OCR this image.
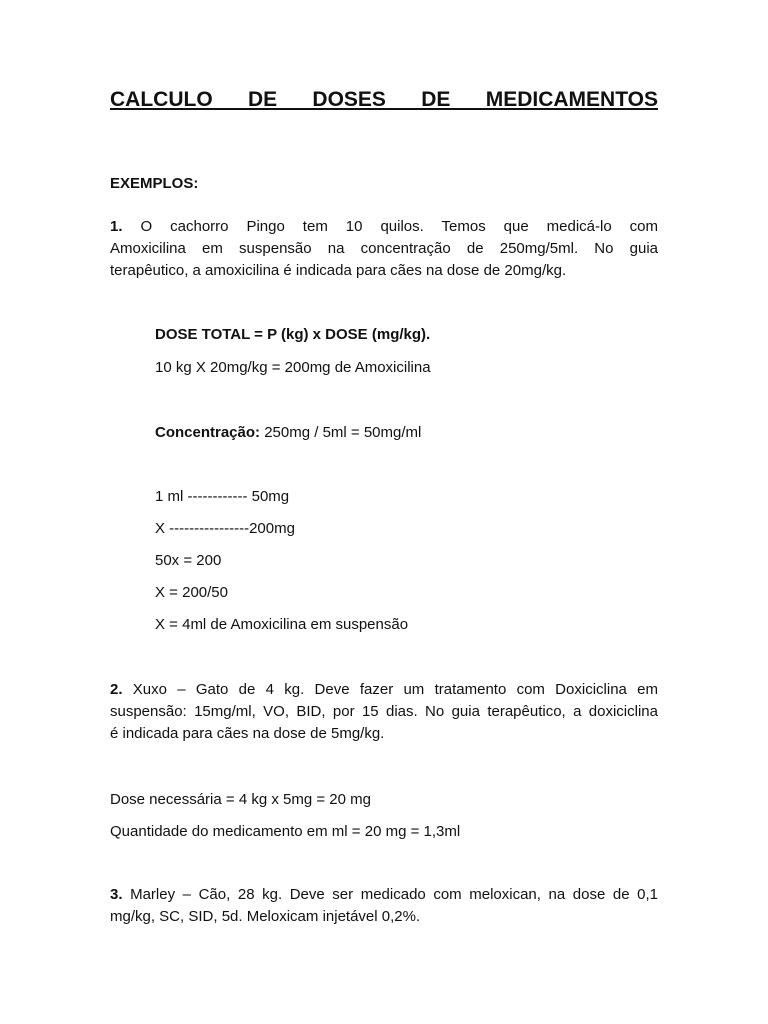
CALCULO DE DOSES DE MEDICAMENTOS
EXEMPLOS:
1. O cachorro Pingo tem 10 quilos. Temos que medicá-lo com
Amoxicilina em suspensão na concentração de 250mg/5ml. No guia
terapêutico, a amoxicilina é indicada para cães na dose de 20mg/kg.
DOSE TOTAL = P (kg) x DOSE (mg/kg).
10 kg X 20mg/kg = 200mg de Amoxicilina
Concentração: 250mg / 5ml = 50mg/ml
1 ml ------------ 50mg
X ----------------200mg
50x = 200
X = 200/50
X = 4ml de Amoxicilina em suspensão
2. Xuxo – Gato de 4 kg. Deve fazer um tratamento com Doxiciclina em
suspensão: 15mg/ml, VO, BID, por 15 dias. No guia terapêutico, a doxiciclina
é indicada para cães na dose de 5mg/kg.
Dose necessária = 4 kg x 5mg = 20 mg
Quantidade do medicamento em ml = 20 mg = 1,3ml
3. Marley – Cão, 28 kg. Deve ser medicado com meloxican, na dose de 0,1
mg/kg, SC, SID, 5d. Meloxicam injetável 0,2%.
